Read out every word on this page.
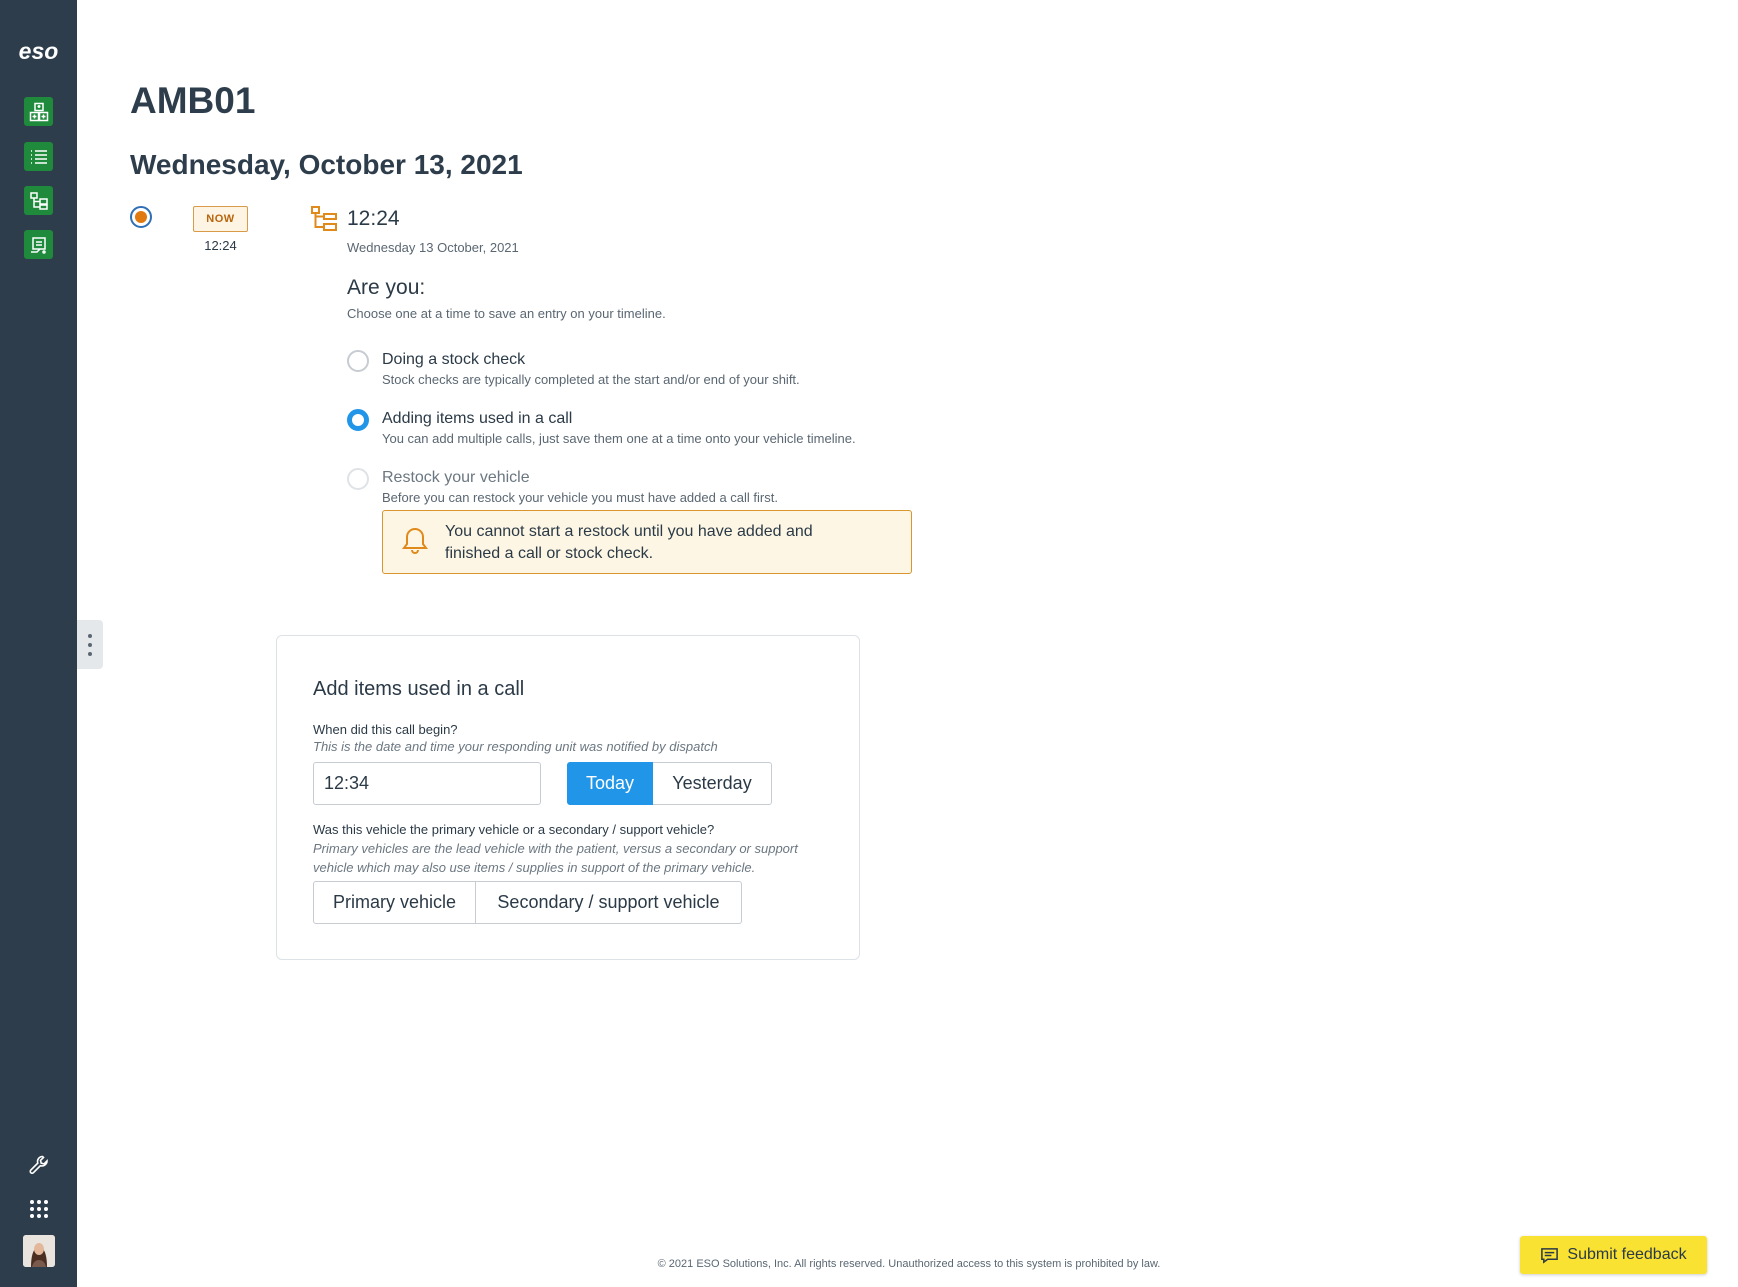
eso
AMB01
Wednesday, October 13, 2021
NOW
12:24
12:24
Wednesday 13 October, 2021
Are you:
Choose one at a time to save an entry on your timeline.
Doing a stock check
Stock checks are typically completed at the start and/or end of your shift.
Adding items used in a call
You can add multiple calls, just save them one at a time onto your vehicle timeline.
Restock your vehicle
Before you can restock your vehicle you must have added a call first.
You cannot start a restock until you have added and finished a call or stock check.
Add items used in a call
When did this call begin?
This is the date and time your responding unit was notified by dispatch
12:34
Today	Yesterday
Was this vehicle the primary vehicle or a secondary / support vehicle?
Primary vehicles are the lead vehicle with the patient, versus a secondary or support vehicle which may also use items / supplies in support of the primary vehicle.
Primary vehicle	Secondary / support vehicle
© 2021 ESO Solutions, Inc. All rights reserved. Unauthorized access to this system is prohibited by law.
Submit feedback
